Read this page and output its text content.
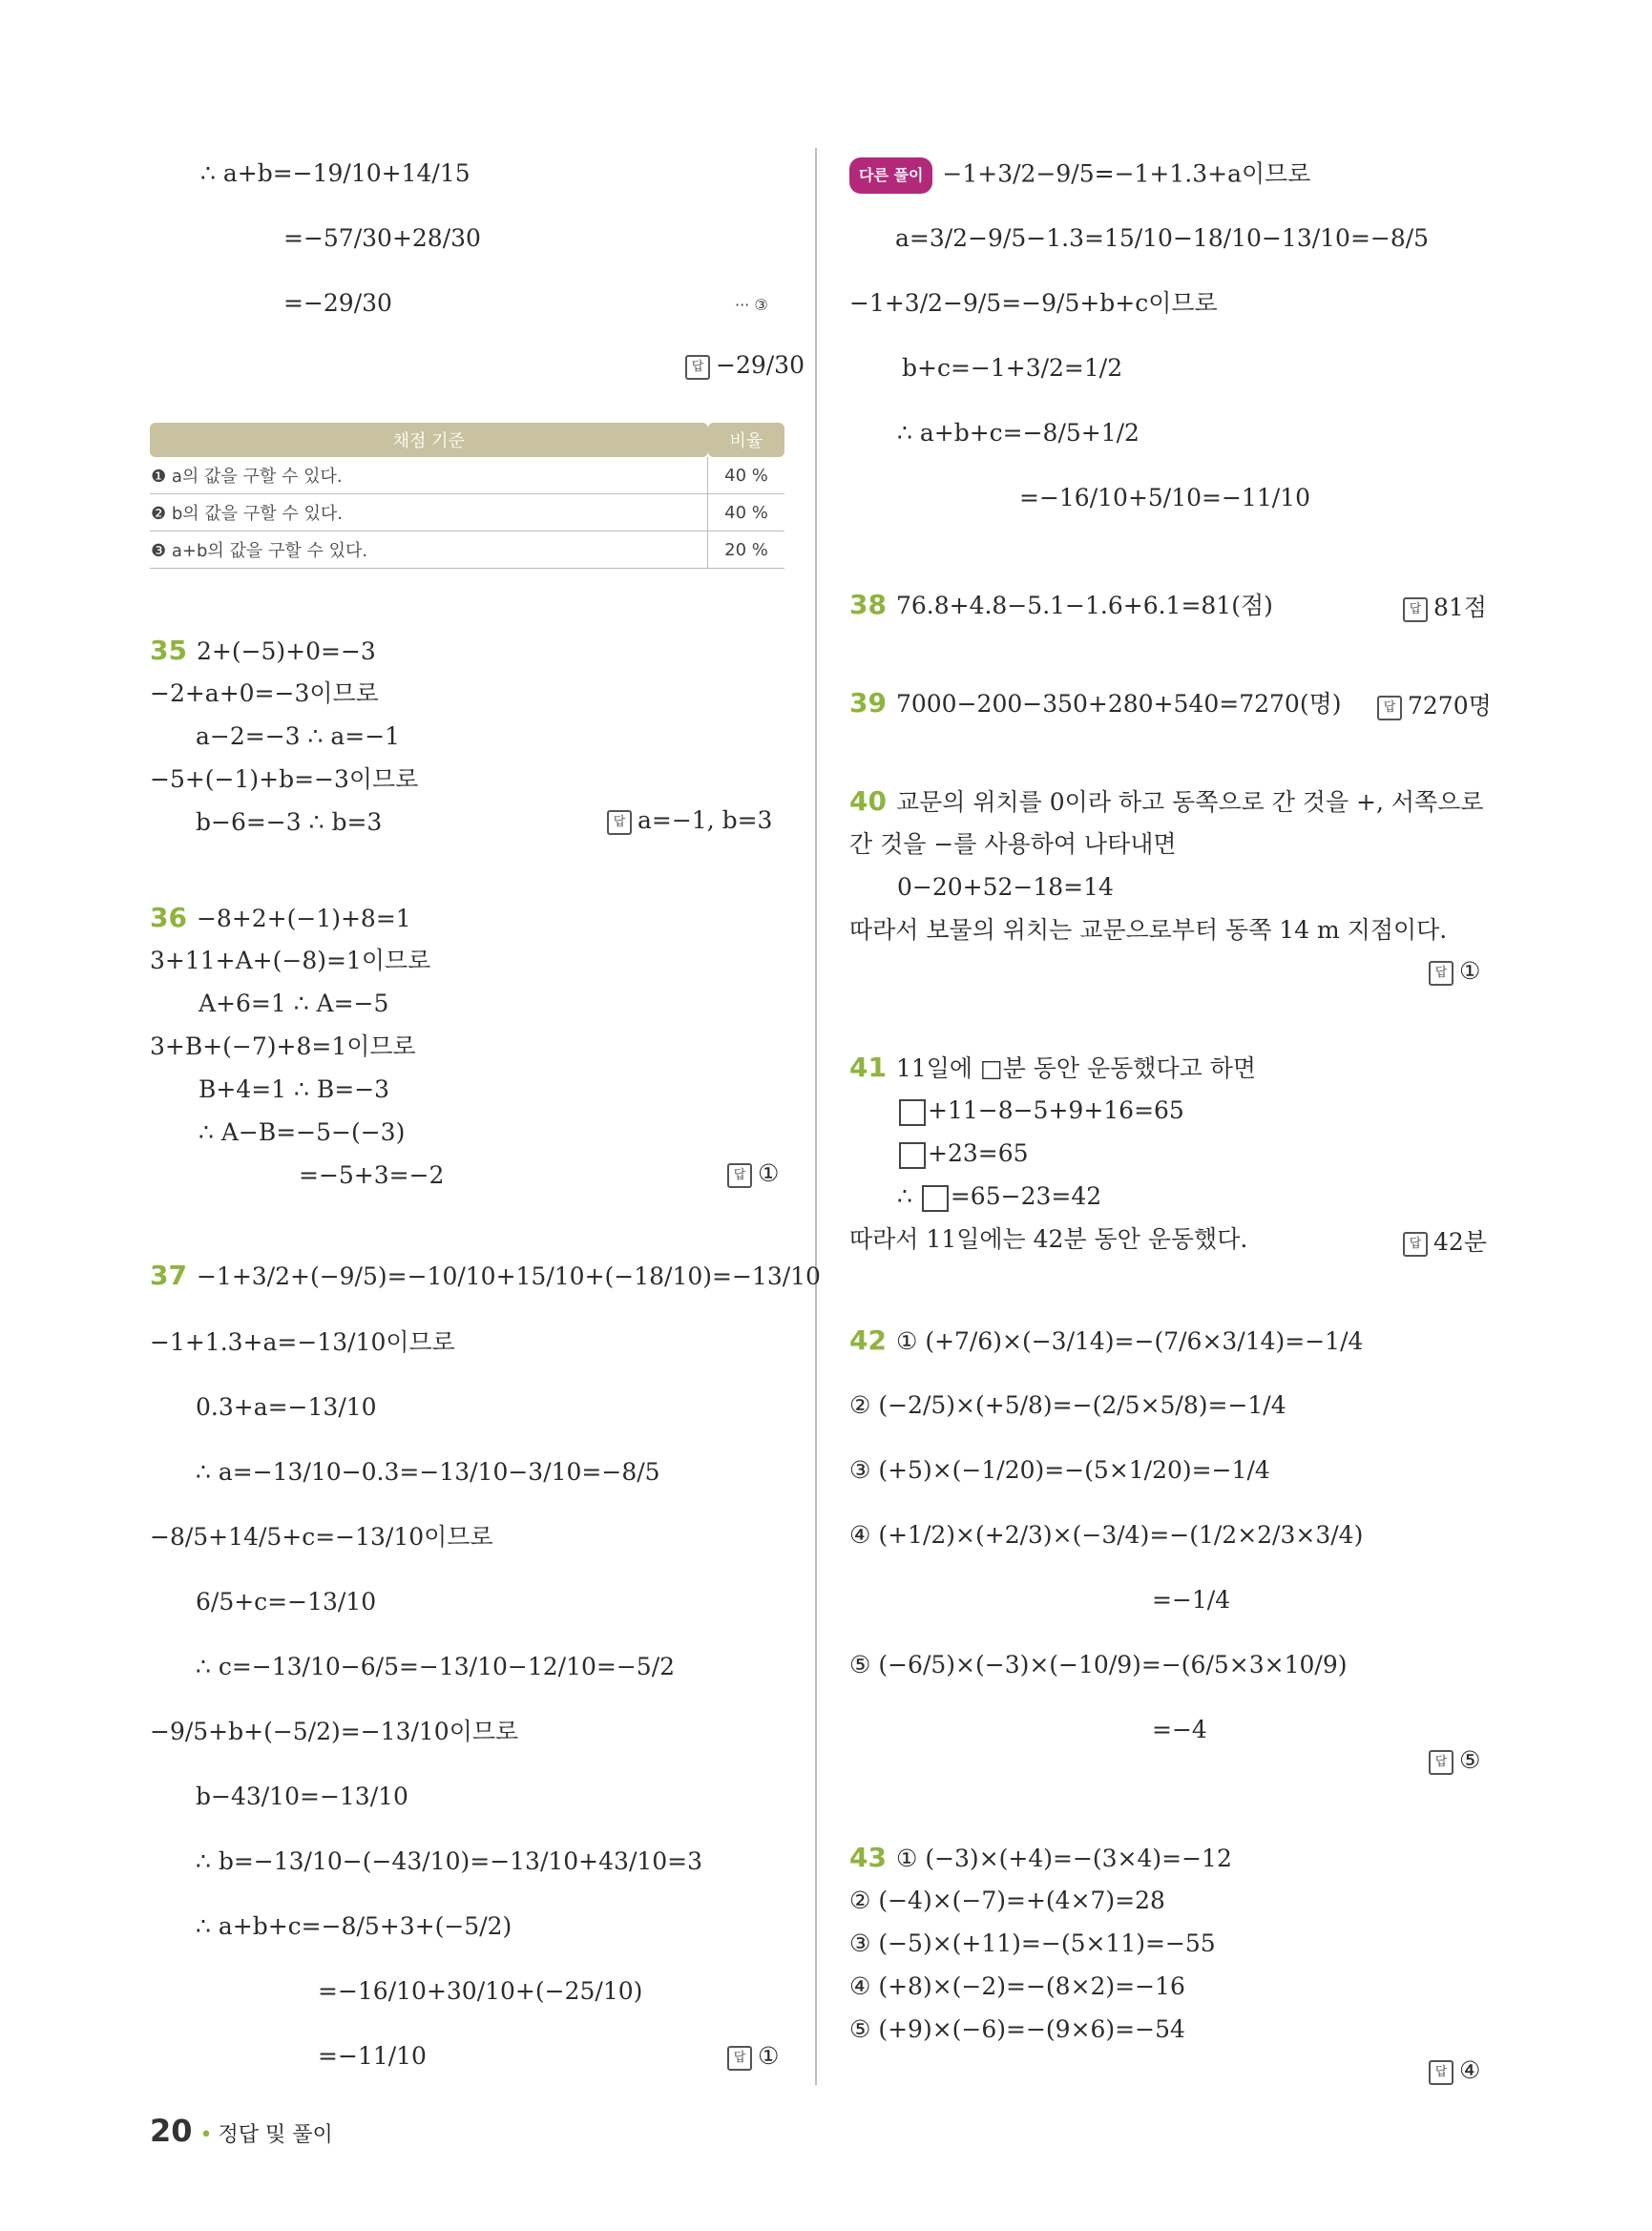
∴ a+b=−19/10+14/15
=−57/30+28/30
=−29/30	··· ③
답 −29/30
채점 기준	비율
❶ a의 값을 구할 수 있다.	40 %
❷ b의 값을 구할 수 있다.	40 %
❸ a+b의 값을 구할 수 있다.	20 %
35 2+(−5)+0=−3
−2+a+0=−3이므로
a−2=−3 ∴ a=−1
−5+(−1)+b=−3이므로
b−6=−3 ∴ b=3	답 a=−1, b=3
36 −8+2+(−1)+8=1
3+11+A+(−8)=1이므로
A+6=1 ∴ A=−5
3+B+(−7)+8=1이므로
B+4=1 ∴ B=−3
∴ A−B=−5−(−3)
=−5+3=−2	답 ①
37 −1+3/2+(−9/5)=−10/10+15/10+(−18/10)=−13/10
−1+1.3+a=−13/10이므로
0.3+a=−13/10
∴ a=−13/10−0.3=−13/10−3/10=−8/5
−8/5+14/5+c=−13/10이므로
6/5+c=−13/10
∴ c=−13/10−6/5=−13/10−12/10=−5/2
−9/5+b+(−5/2)=−13/10이므로
b−43/10=−13/10
∴ b=−13/10−(−43/10)=−13/10+43/10=3
∴ a+b+c=−8/5+3+(−5/2)
=−16/10+30/10+(−25/10)
=−11/10	답 ①
다른 풀이 −1+3/2−9/5=−1+1.3+a이므로
a=3/2−9/5−1.3=15/10−18/10−13/10=−8/5
−1+3/2−9/5=−9/5+b+c이므로
b+c=−1+3/2=1/2
∴ a+b+c=−8/5+1/2
=−16/10+5/10=−11/10
38 76.8+4.8−5.1−1.6+6.1=81(점)	답 81점
39 7000−200−350+280+540=7270(명)	답 7270명
40 교문의 위치를 0이라 하고 동쪽으로 간 것을 +, 서쪽으로
간 것을 −를 사용하여 나타내면
0−20+52−18=14
따라서 보물의 위치는 교문으로부터 동쪽 14 m 지점이다.
답 ①
41 11일에 □분 동안 운동했다고 하면
+11−8−5+9+16=65
+23=65
∴ =65−23=42
따라서 11일에는 42분 동안 운동했다.	답 42분
42 ① (+7/6)×(−3/14)=−(7/6×3/14)=−1/4
② (−2/5)×(+5/8)=−(2/5×5/8)=−1/4
③ (+5)×(−1/20)=−(5×1/20)=−1/4
④ (+1/2)×(+2/3)×(−3/4)=−(1/2×2/3×3/4)
=−1/4
⑤ (−6/5)×(−3)×(−10/9)=−(6/5×3×10/9)
=−4
답 ⑤
43 ① (−3)×(+4)=−(3×4)=−12
② (−4)×(−7)=+(4×7)=28
③ (−5)×(+11)=−(5×11)=−55
④ (+8)×(−2)=−(8×2)=−16
⑤ (+9)×(−6)=−(9×6)=−54
답 ④
20 • 정답 및 풀이
